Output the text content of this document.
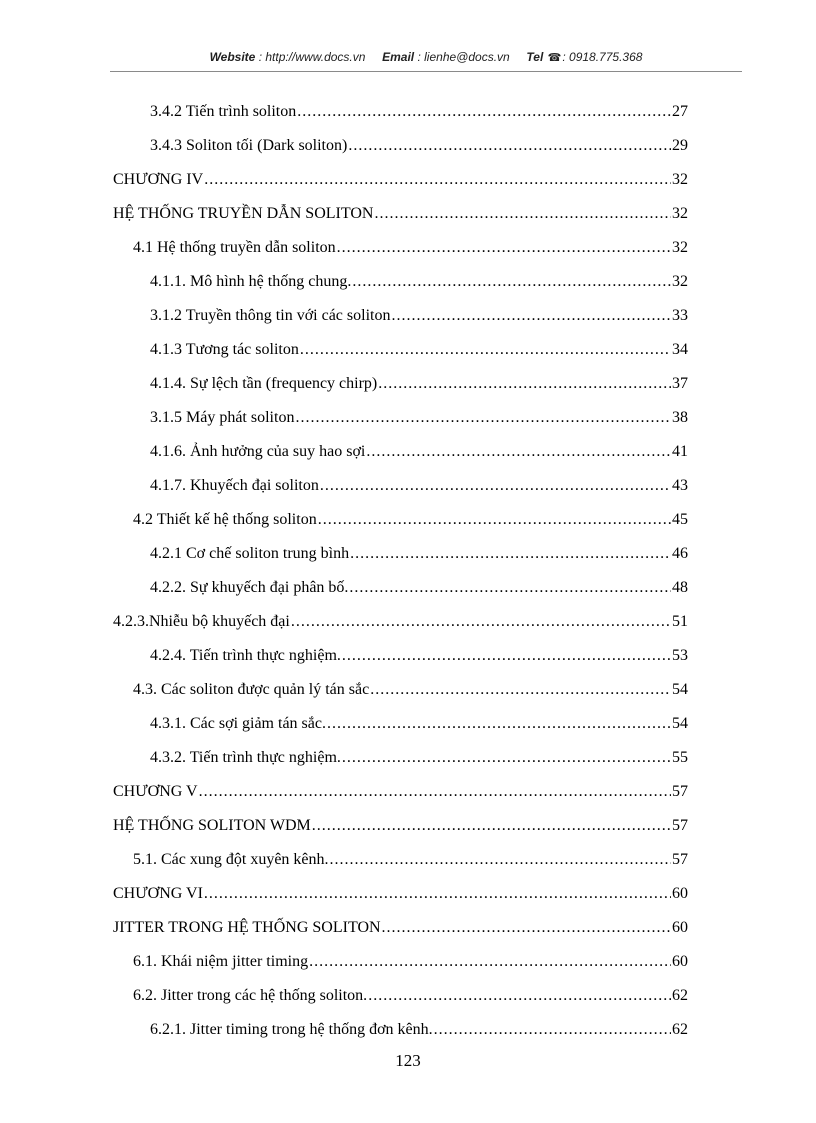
Website : http://www.docs.vn Email : lienhe@docs.vn Tel ☎: 0918.775.368
3.4.2 Tiến trình soliton .....	27
3.4.3 Soliton tối (Dark soliton) .....	29
CHƯƠNG IV .....	32
HỆ THỐNG TRUYỀN DẪN SOLITON .....	32
4.1 Hệ thống truyền dẫn soliton .....	32
4.1.1. Mô hình hệ thống chung. .....	32
3.1.2 Truyền thông tin với các soliton .....	33
4.1.3 Tương tác soliton .....	34
4.1.4. Sự lệch tần (frequency chirp) .....	37
3.1.5 Máy phát soliton .....	38
4.1.6. Ảnh hưởng của suy hao sợi .....	41
4.1.7. Khuyếch đại soliton .....	43
4.2 Thiết kế hệ thống soliton .....	45
4.2.1 Cơ chế soliton trung bình .....	46
4.2.2. Sự khuyếch đại phân bố. .....	48
4.2.3.Nhiễu bộ khuyếch đại .....	51
4.2.4. Tiến trình thực nghiệm. .....	53
4.3. Các soliton được quản lý tán sắc .....	54
4.3.1. Các sợi giảm tán sắc. .....	54
4.3.2. Tiến trình thực nghiệm. .....	55
CHƯƠNG V .....	57
HỆ THỐNG SOLITON WDM .....	57
5.1. Các xung đột xuyên kênh. .....	57
CHƯƠNG VI .....	60
JITTER TRONG HỆ THỐNG SOLITON .....	60
6.1. Khái niệm jitter timing .....	60
6.2. Jitter trong các hệ thống soliton. .....	62
6.2.1. Jitter timing trong hệ thống đơn kênh. .....	62
123
